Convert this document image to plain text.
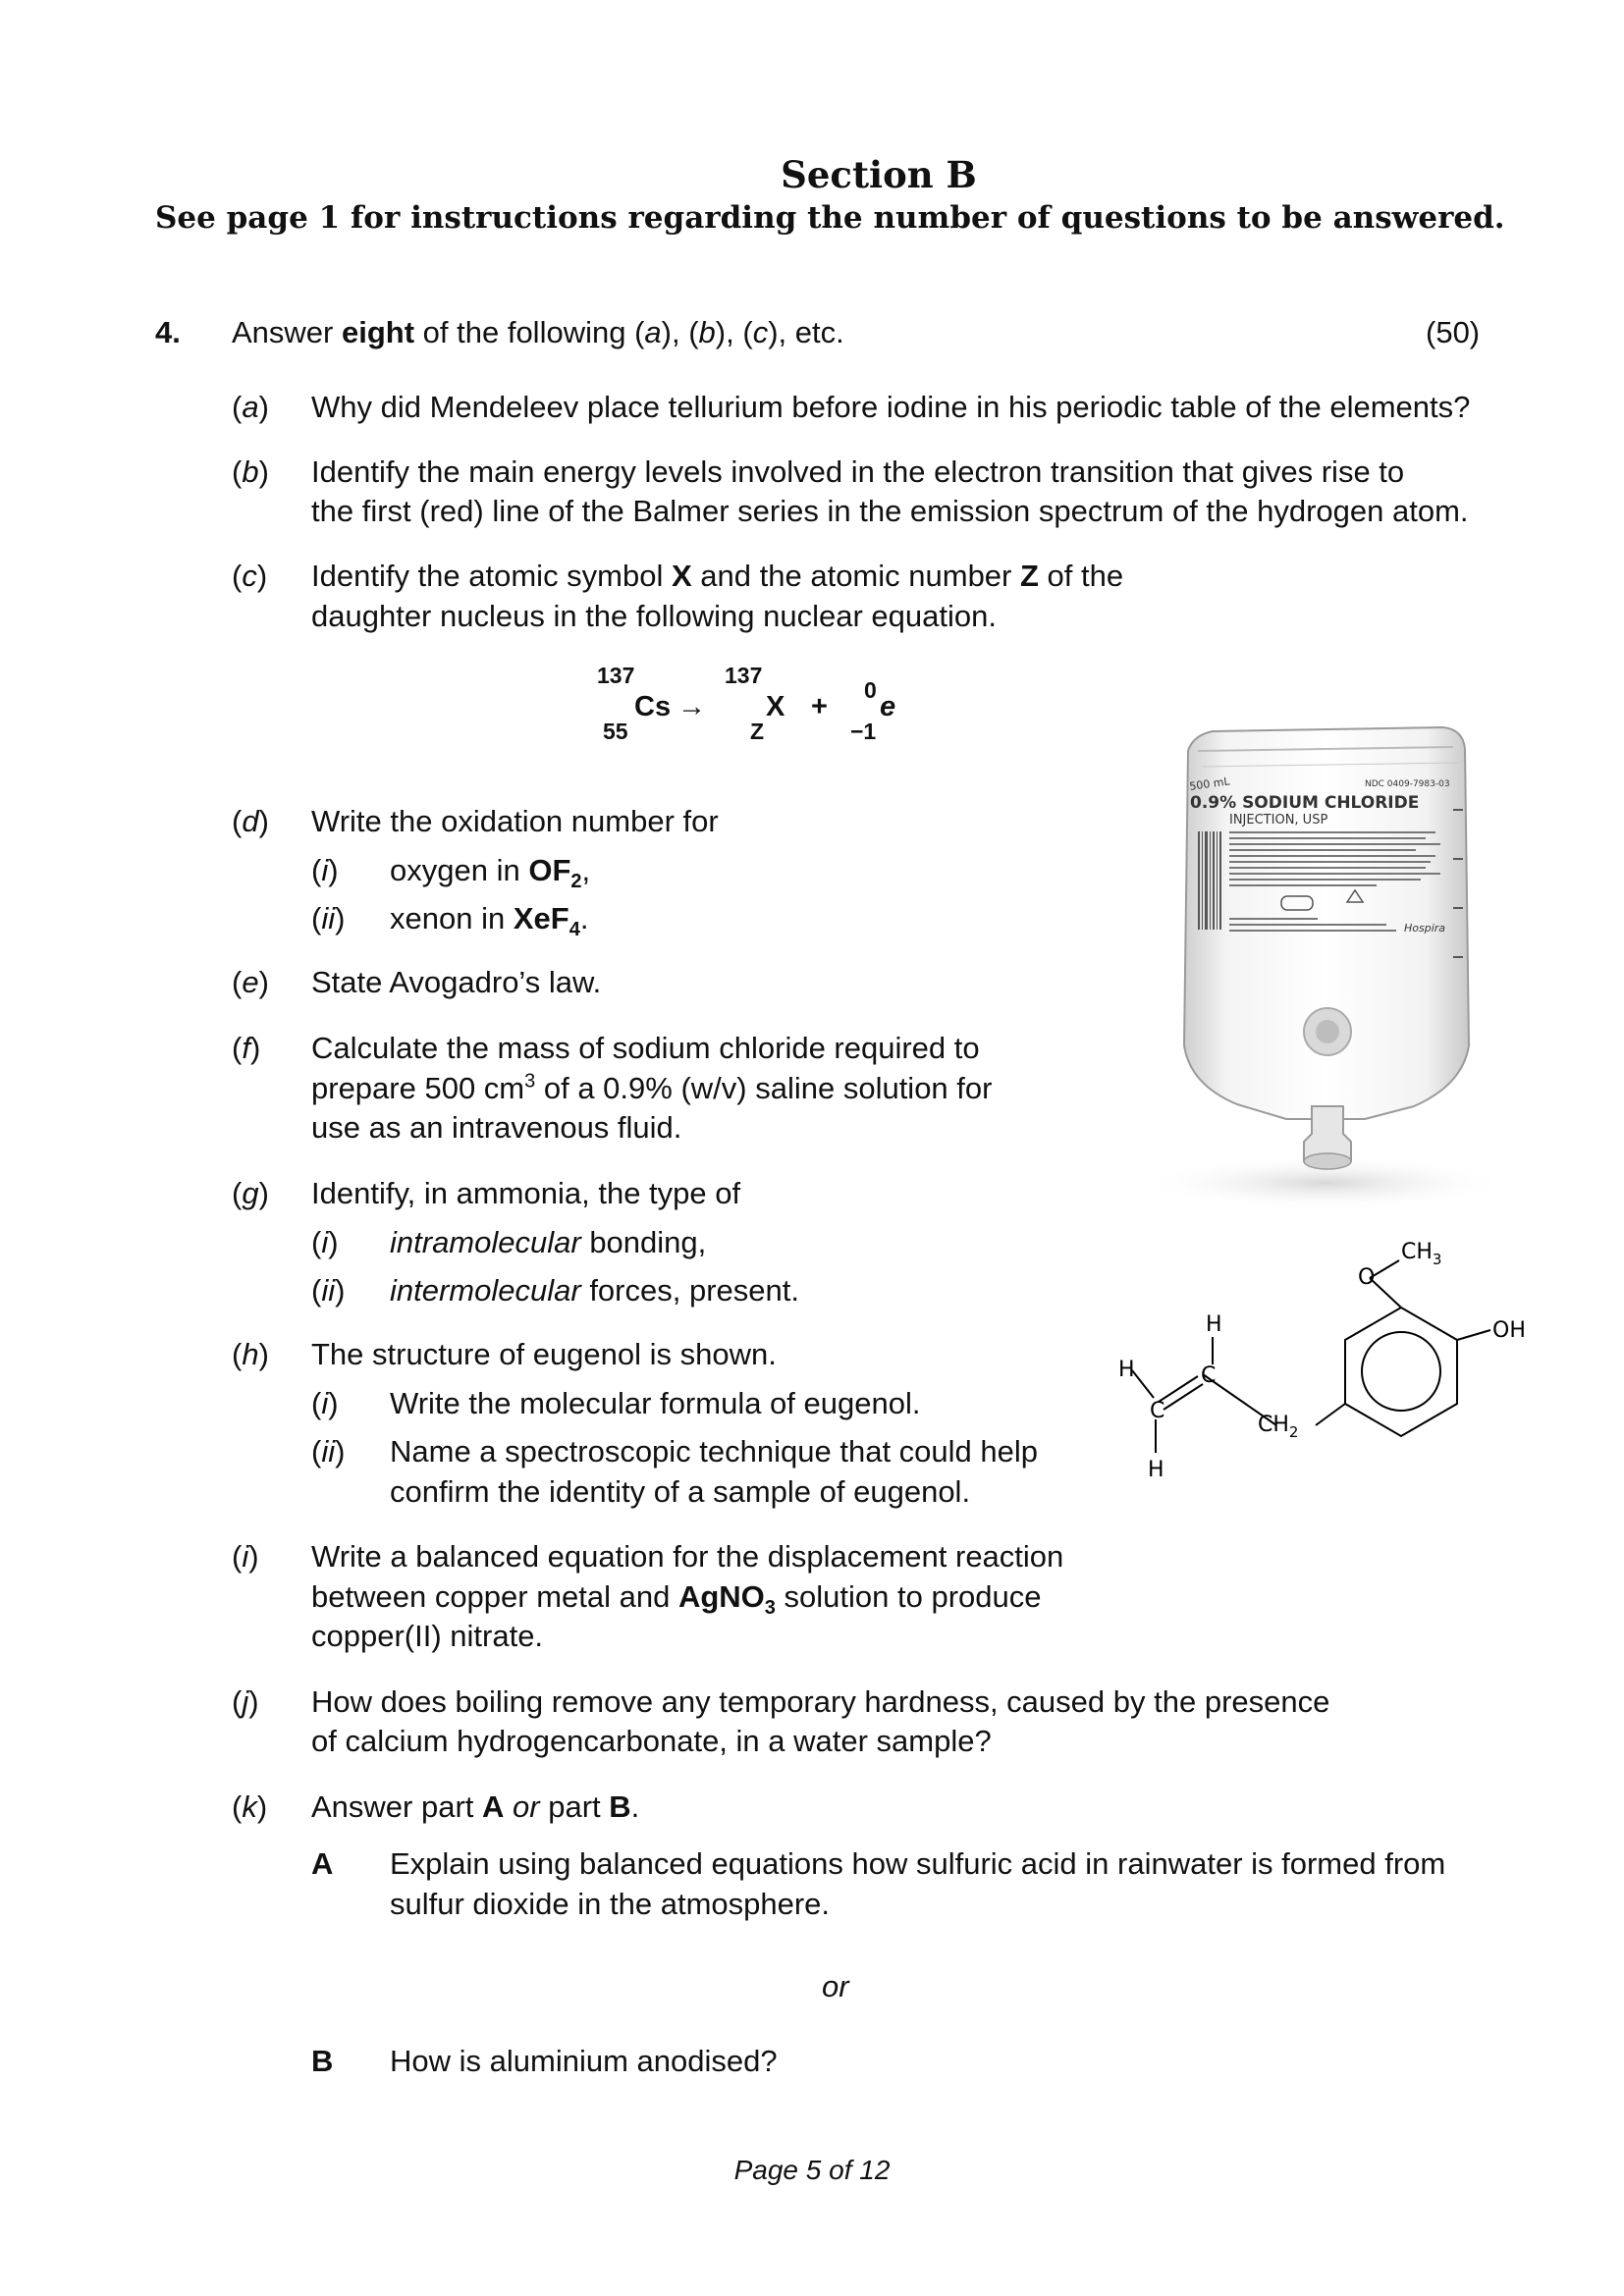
Section B
See page 1 for instructions regarding the number of questions to be answered.
4. Answer eight of the following (a), (b), (c), etc.	(50)
(a) Why did Mendeleev place tellurium before iodine in his periodic table of the elements?
(b) Identify the main energy levels involved in the electron transition that gives rise to
the first (red) line of the Balmer series in the emission spectrum of the hydrogen atom.
(c) Identify the atomic symbol X and the atomic number Z of the
daughter nucleus in the following nuclear equation.
137
55
Cs →
137
Z
X +
0
−1
e
(d) Write the oxidation number for
(i) oxygen in $OF_2$,
(ii) xenon in XeF$_4$.
(e) State Avogadro’s law.
(f) Calculate the mass of sodium chloride required to
prepare 500 $cm^3$ of a 0.9% (w/v) saline solution for
use as an intravenous fluid.
(g) Identify, in ammonia, the type of
(i) intramolecular bonding,
(ii) intermolecular forces, present.
(h) The structure of eugenol is shown.
(i) Write the molecular formula of eugenol.
(ii) Name a spectroscopic technique that could help
confirm the identity of a sample of eugenol.
(i) Write a balanced equation for the displacement reaction
between copper metal and AgNO$_3$ solution to produce
copper(II) nitrate.
(j) How does boiling remove any temporary hardness, caused by the presence
of calcium hydrogencarbonate, in a water sample?
(k) Answer part A or part B.
A Explain using balanced equations how sulfuric acid in rainwater is formed from
sulfur dioxide in the atmosphere.
or
B How is aluminium anodised?
500 mL	NDC 0409-7983-03
0.9% SODIUM CHLORIDE
INJECTION, USP
Hospira
O
$CH_3$
OH
H
C
H
C
H
$CH_2$
Page 5 of 12
